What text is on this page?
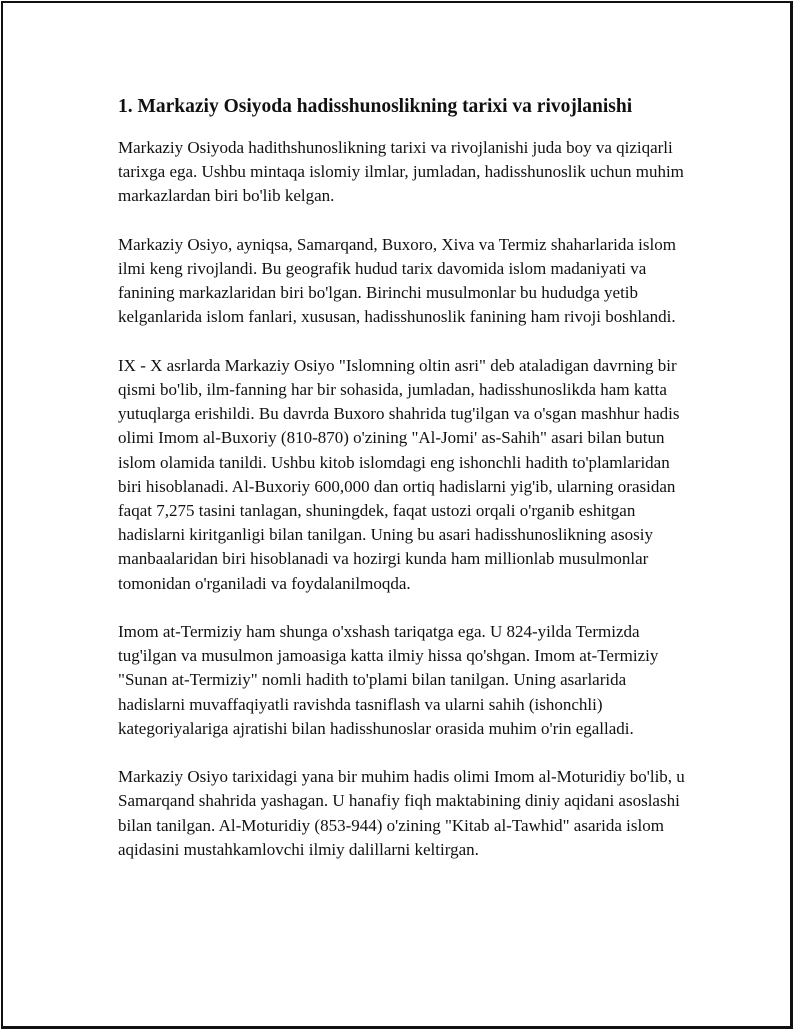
1. Markaziy Osiyoda hadisshunoslikning tarixi va rivojlanishi

Markaziy Osiyoda hadithshunoslikning tarixi va rivojlanishi juda boy va qiziqarli tarixga ega. Ushbu mintaqa islomiy ilmlar, jumladan, hadisshunoslik uchun muhim markazlardan biri bo'lib kelgan.

Markaziy Osiyo, ayniqsa, Samarqand, Buxoro, Xiva va Termiz shaharlarida islom ilmi keng rivojlandi. Bu geografik hudud tarix davomida islom madaniyati va fanining markazlaridan biri bo'lgan. Birinchi musulmonlar bu hududga yetib kelganlarida islom fanlari, xususan, hadisshunoslik fanining ham rivoji boshlandi.

IX - X asrlarda Markaziy Osiyo "Islomning oltin asri" deb ataladigan davrning bir qismi bo'lib, ilm-fanning har bir sohasida, jumladan, hadisshunoslikda ham katta yutuqlarga erishildi. Bu davrda Buxoro shahrida tug'ilgan va o'sgan mashhur hadis olimi Imom al-Buxoriy (810-870) o'zining "Al-Jomi' as-Sahih" asari bilan butun islom olamida tanildi. Ushbu kitob islomdagi eng ishonchli hadith to'plamlaridan biri hisoblanadi. Al-Buxoriy 600,000 dan ortiq hadislarni yig'ib, ularning orasidan faqat 7,275 tasini tanlagan, shuningdek, faqat ustozi orqali o'rganib eshitgan hadislarni kiritganligi bilan tanilgan. Uning bu asari hadisshunoslikning asosiy manbaalaridan biri hisoblanadi va hozirgi kunda ham millionlab musulmonlar tomonidan o'rganiladi va foydalanilmoqda.

Imom at-Termiziy ham shunga o'xshash tariqatga ega. U 824-yilda Termizda tug'ilgan va musulmon jamoasiga katta ilmiy hissa qo'shgan. Imom at-Termiziy "Sunan at-Termiziy" nomli hadith to'plami bilan tanilgan. Uning asarlarida hadislarni muvaffaqiyatli ravishda tasniflash va ularni sahih (ishonchli) kategoriyalariga ajratishi bilan hadisshunoslar orasida muhim o'rin egalladi.

Markaziy Osiyo tarixidagi yana bir muhim hadis olimi Imom al-Moturidiy bo'lib, u Samarqand shahrida yashagan. U hanafiy fiqh maktabining diniy aqidani asoslashi bilan tanilgan. Al-Moturidiy (853-944) o'zining "Kitab al-Tawhid" asarida islom aqidasini mustahkamlovchi ilmiy dalillarni keltirgan.
